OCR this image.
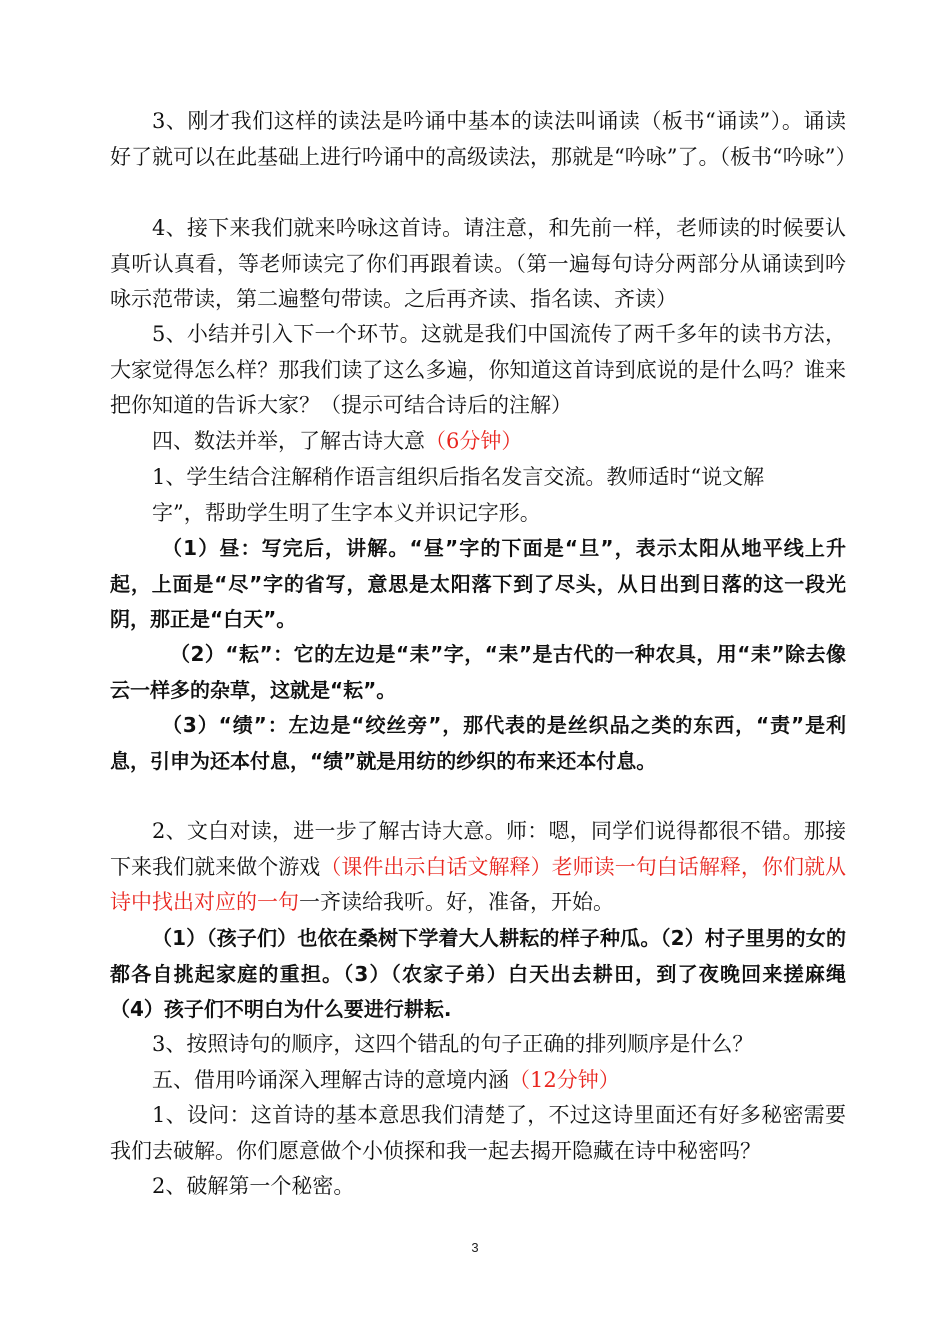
3、刚才我们这样的读法是吟诵中基本的读法叫诵读（板书“诵读”）。诵读好了就可以在此基础上进行吟诵中的高级读法，那就是“吟咏”了。（板书“吟咏”）

4、接下来我们就来吟咏这首诗。请注意，和先前一样，老师读的时候要认真听认真看，等老师读完了你们再跟着读。（第一遍每句诗分两部分从诵读到吟咏示范带读，第二遍整句带读。之后再齐读、指名读、齐读）

5、小结并引入下一个环节。这就是我们中国流传了两千多年的读书方法，大家觉得怎么样？那我们读了这么多遍，你知道这首诗到底说的是什么吗？谁来把你知道的告诉大家？（提示可结合诗后的注解）

四、数法并举，了解古诗大意（6分钟）

1、学生结合注解稍作语言组织后指名发言交流。教师适时“说文解

字”，帮助学生明了生字本义并识记字形。

（1）昼：写完后，讲解。“昼”字的下面是“旦”，表示太阳从地平线上升起，上面是“尽”字的省写，意思是太阳落下到了尽头，从日出到日落的这一段光阴，那正是“白天”。

（2）“耘”：它的左边是“耒”字，“耒”是古代的一种农具，用“耒”除去像云一样多的杂草，这就是“耘”。

（3）“绩”：左边是“绞丝旁”，那代表的是丝织品之类的东西，“责”是利息，引申为还本付息，“绩”就是用纺的纱织的布来还本付息。

2、文白对读，进一步了解古诗大意。师：嗯，同学们说得都很不错。那接下来我们就来做个游戏（课件出示白话文解释）老师读一句白话解释，你们就从诗中找出对应的一句一齐读给我听。好，准备，开始。

（1）（孩子们）也依在桑树下学着大人耕耘的样子种瓜。（2）村子里男的女的都各自挑起家庭的重担。（3）（农家子弟）白天出去耕田，到了夜晚回来搓麻绳（4）孩子们不明白为什么要进行耕耘.

3、按照诗句的顺序，这四个错乱的句子正确的排列顺序是什么？

五、借用吟诵深入理解古诗的意境内涵（12分钟）

1、设问：这首诗的基本意思我们清楚了，不过这诗里面还有好多秘密需要我们去破解。你们愿意做个小侦探和我一起去揭开隐藏在诗中秘密吗？

2、破解第一个秘密。

3
